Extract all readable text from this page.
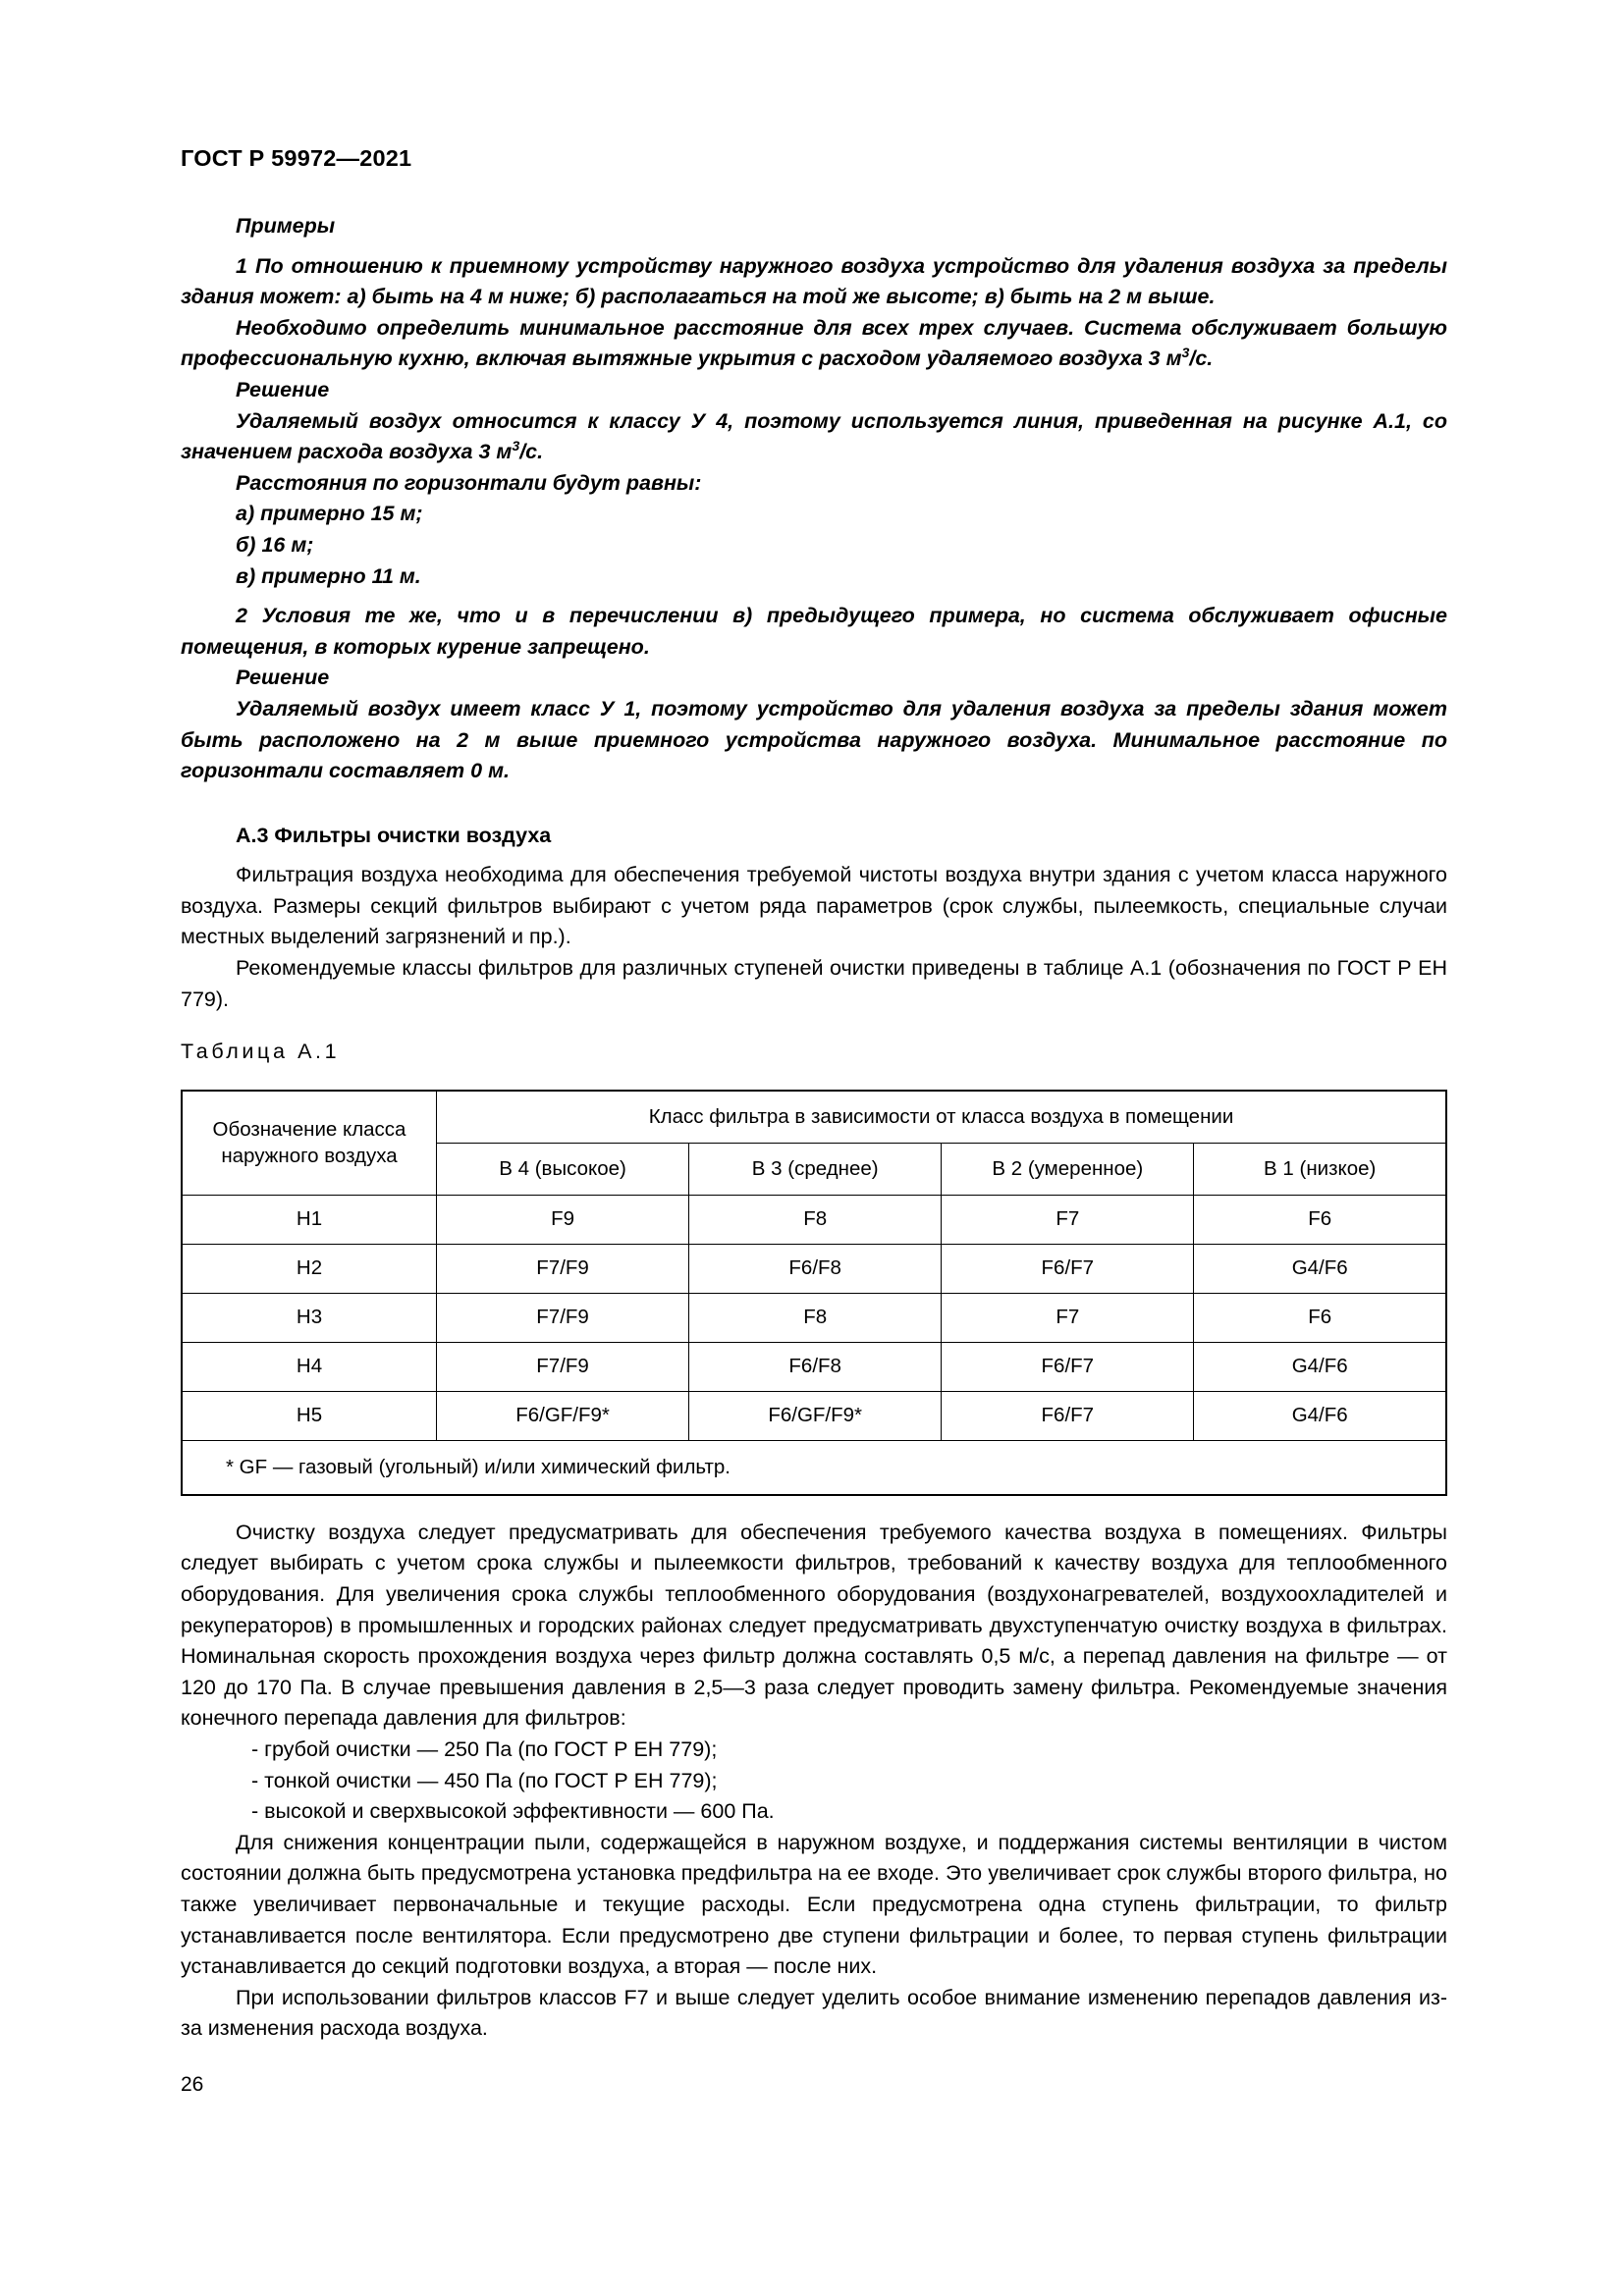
ГОСТ Р 59972—2021

Примеры

1 По отношению к приемному устройству наружного воздуха устройство для удаления воздуха за пределы здания может: а) быть на 4 м ниже; б) располагаться на той же высоте; в) быть на 2 м выше.

Необходимо определить минимальное расстояние для всех трех случаев. Система обслуживает большую профессиональную кухню, включая вытяжные укрытия с расходом удаляемого воздуха 3 $м^3/с$.

Решение

Удаляемый воздух относится к классу У 4, поэтому используется линия, приведенная на рисунке А.1, со значением расхода воздуха 3 $м^3/с$.

Расстояния по горизонтали будут равны:

а) примерно 15 м;

б) 16 м;

в) примерно 11 м.

2 Условия те же, что и в перечислении в) предыдущего примера, но система обслуживает офисные помещения, в которых курение запрещено.

Решение

Удаляемый воздух имеет класс У 1, поэтому устройство для удаления воздуха за пределы здания может быть расположено на 2 м выше приемного устройства наружного воздуха. Минимальное расстояние по горизонтали составляет 0 м.

А.3 Фильтры очистки воздуха

Фильтрация воздуха необходима для обеспечения требуемой чистоты воздуха внутри здания с учетом класса наружного воздуха. Размеры секций фильтров выбирают с учетом ряда параметров (срок службы, пылеемкость, специальные случаи местных выделений загрязнений и пр.).

Рекомендуемые классы фильтров для различных ступеней очистки приведены в таблице А.1 (обозначения по ГОСТ Р ЕН 779).

Таблица А.1

Обозначение класса наружного воздуха	Класс фильтра в зависимости от класса воздуха в помещении			
	В 4 (высокое)	В 3 (среднее)	В 2 (умеренное)	В 1 (низкое)
Н1	F9	F8	F7	F6
Н2	F7/F9	F6/F8	F6/F7	G4/F6
Н3	F7/F9	F8	F7	F6
Н4	F7/F9	F6/F8	F6/F7	G4/F6
Н5	F6/GF/F9*	F6/GF/F9*	F6/F7	G4/F6
* GF — газовый (угольный) и/или химический фильтр.				

Очистку воздуха следует предусматривать для обеспечения требуемого качества воздуха в помещениях. Фильтры следует выбирать с учетом срока службы и пылеемкости фильтров, требований к качеству воздуха для теплообменного оборудования. Для увеличения срока службы теплообменного оборудования (воздухонагревателей, воздухоохладителей и рекуператоров) в промышленных и городских районах следует предусматривать двухступенчатую очистку воздуха в фильтрах. Номинальная скорость прохождения воздуха через фильтр должна составлять 0,5 м/с, а перепад давления на фильтре — от 120 до 170 Па. В случае превышения давления в 2,5—3 раза следует проводить замену фильтра. Рекомендуемые значения конечного перепада давления для фильтров:

- грубой очистки — 250 Па (по ГОСТ Р ЕН 779);

- тонкой очистки — 450 Па (по ГОСТ Р ЕН 779);

- высокой и сверхвысокой эффективности — 600 Па.

Для снижения концентрации пыли, содержащейся в наружном воздухе, и поддержания системы вентиляции в чистом состоянии должна быть предусмотрена установка предфильтра на ее входе. Это увеличивает срок службы второго фильтра, но также увеличивает первоначальные и текущие расходы. Если предусмотрена одна ступень фильтрации, то фильтр устанавливается после вентилятора. Если предусмотрено две ступени фильтрации и более, то первая ступень фильтрации устанавливается до секций подготовки воздуха, а вторая — после них.

При использовании фильтров классов F7 и выше следует уделить особое внимание изменению перепадов давления из-за изменения расхода воздуха.

26
